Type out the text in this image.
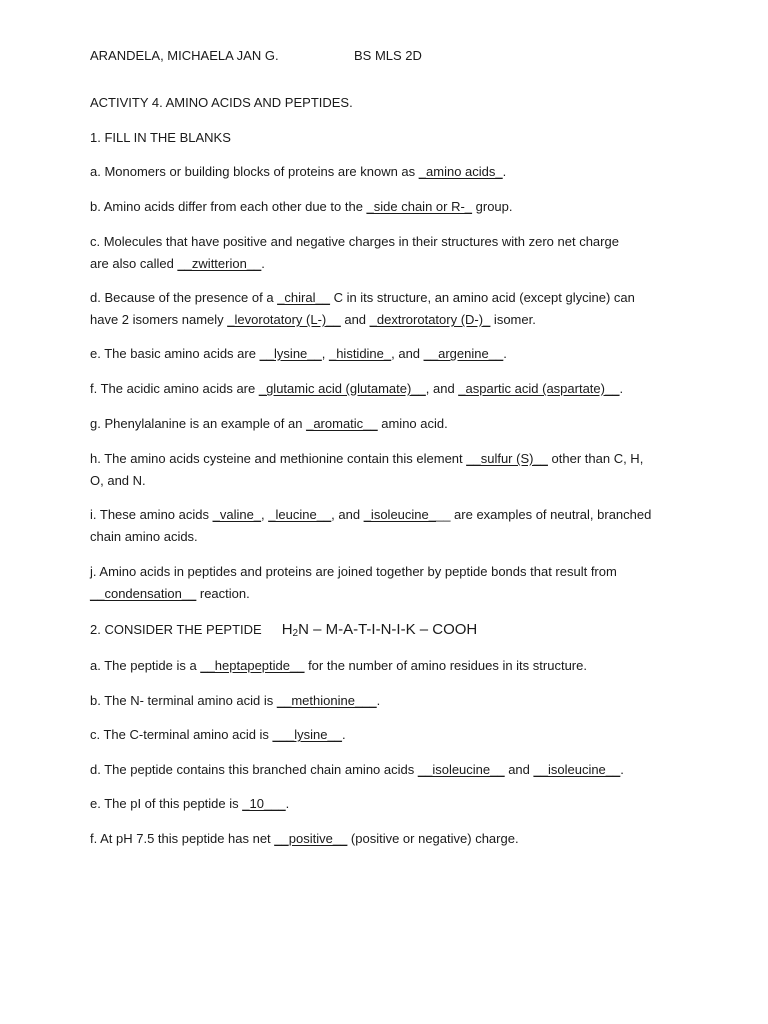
ARANDELA, MICHAELA JAN G.	BS MLS 2D
ACTIVITY 4. AMINO ACIDS AND PEPTIDES.
1. FILL IN THE BLANKS
a. Monomers or building blocks of proteins are known as _amino acids_.
b. Amino acids differ from each other due to the _side chain or R-_ group.
c. Molecules that have positive and negative charges in their structures with zero net charge
are also called __zwitterion__.
d. Because of the presence of a _chiral__ C in its structure, an amino acid (except glycine) can
have 2 isomers namely _levorotatory (L-)__ and _dextrorotatory (D-)_ isomer.
e. The basic amino acids are __lysine__, _histidine_, and __argenine__.
f. The acidic amino acids are _glutamic acid (glutamate)__, and _aspartic acid (aspartate)__.
g. Phenylalanine is an example of an _aromatic__ amino acid.
h. The amino acids cysteine and methionine contain this element __sulfur (S)__ other than C, H,
O, and N.
i. These amino acids _valine_, _leucine__, and _isoleucine___ are examples of neutral, branched
chain amino acids.
j. Amino acids in peptides and proteins are joined together by peptide bonds that result from
__condensation__ reaction.
2. CONSIDER THE PEPTIDE $H_2N - M-A-T-I-N-I-K$ – COOH
a. The peptide is a __heptapeptide__ for the number of amino residues in its structure.
b. The N- terminal amino acid is __methionine___.
c. The C-terminal amino acid is ___lysine__.
d. The peptide contains this branched chain amino acids __isoleucine__ and __isoleucine__.
e. The pI of this peptide is _10___.
f. At pH 7.5 this peptide has net __positive__ (positive or negative) charge.
